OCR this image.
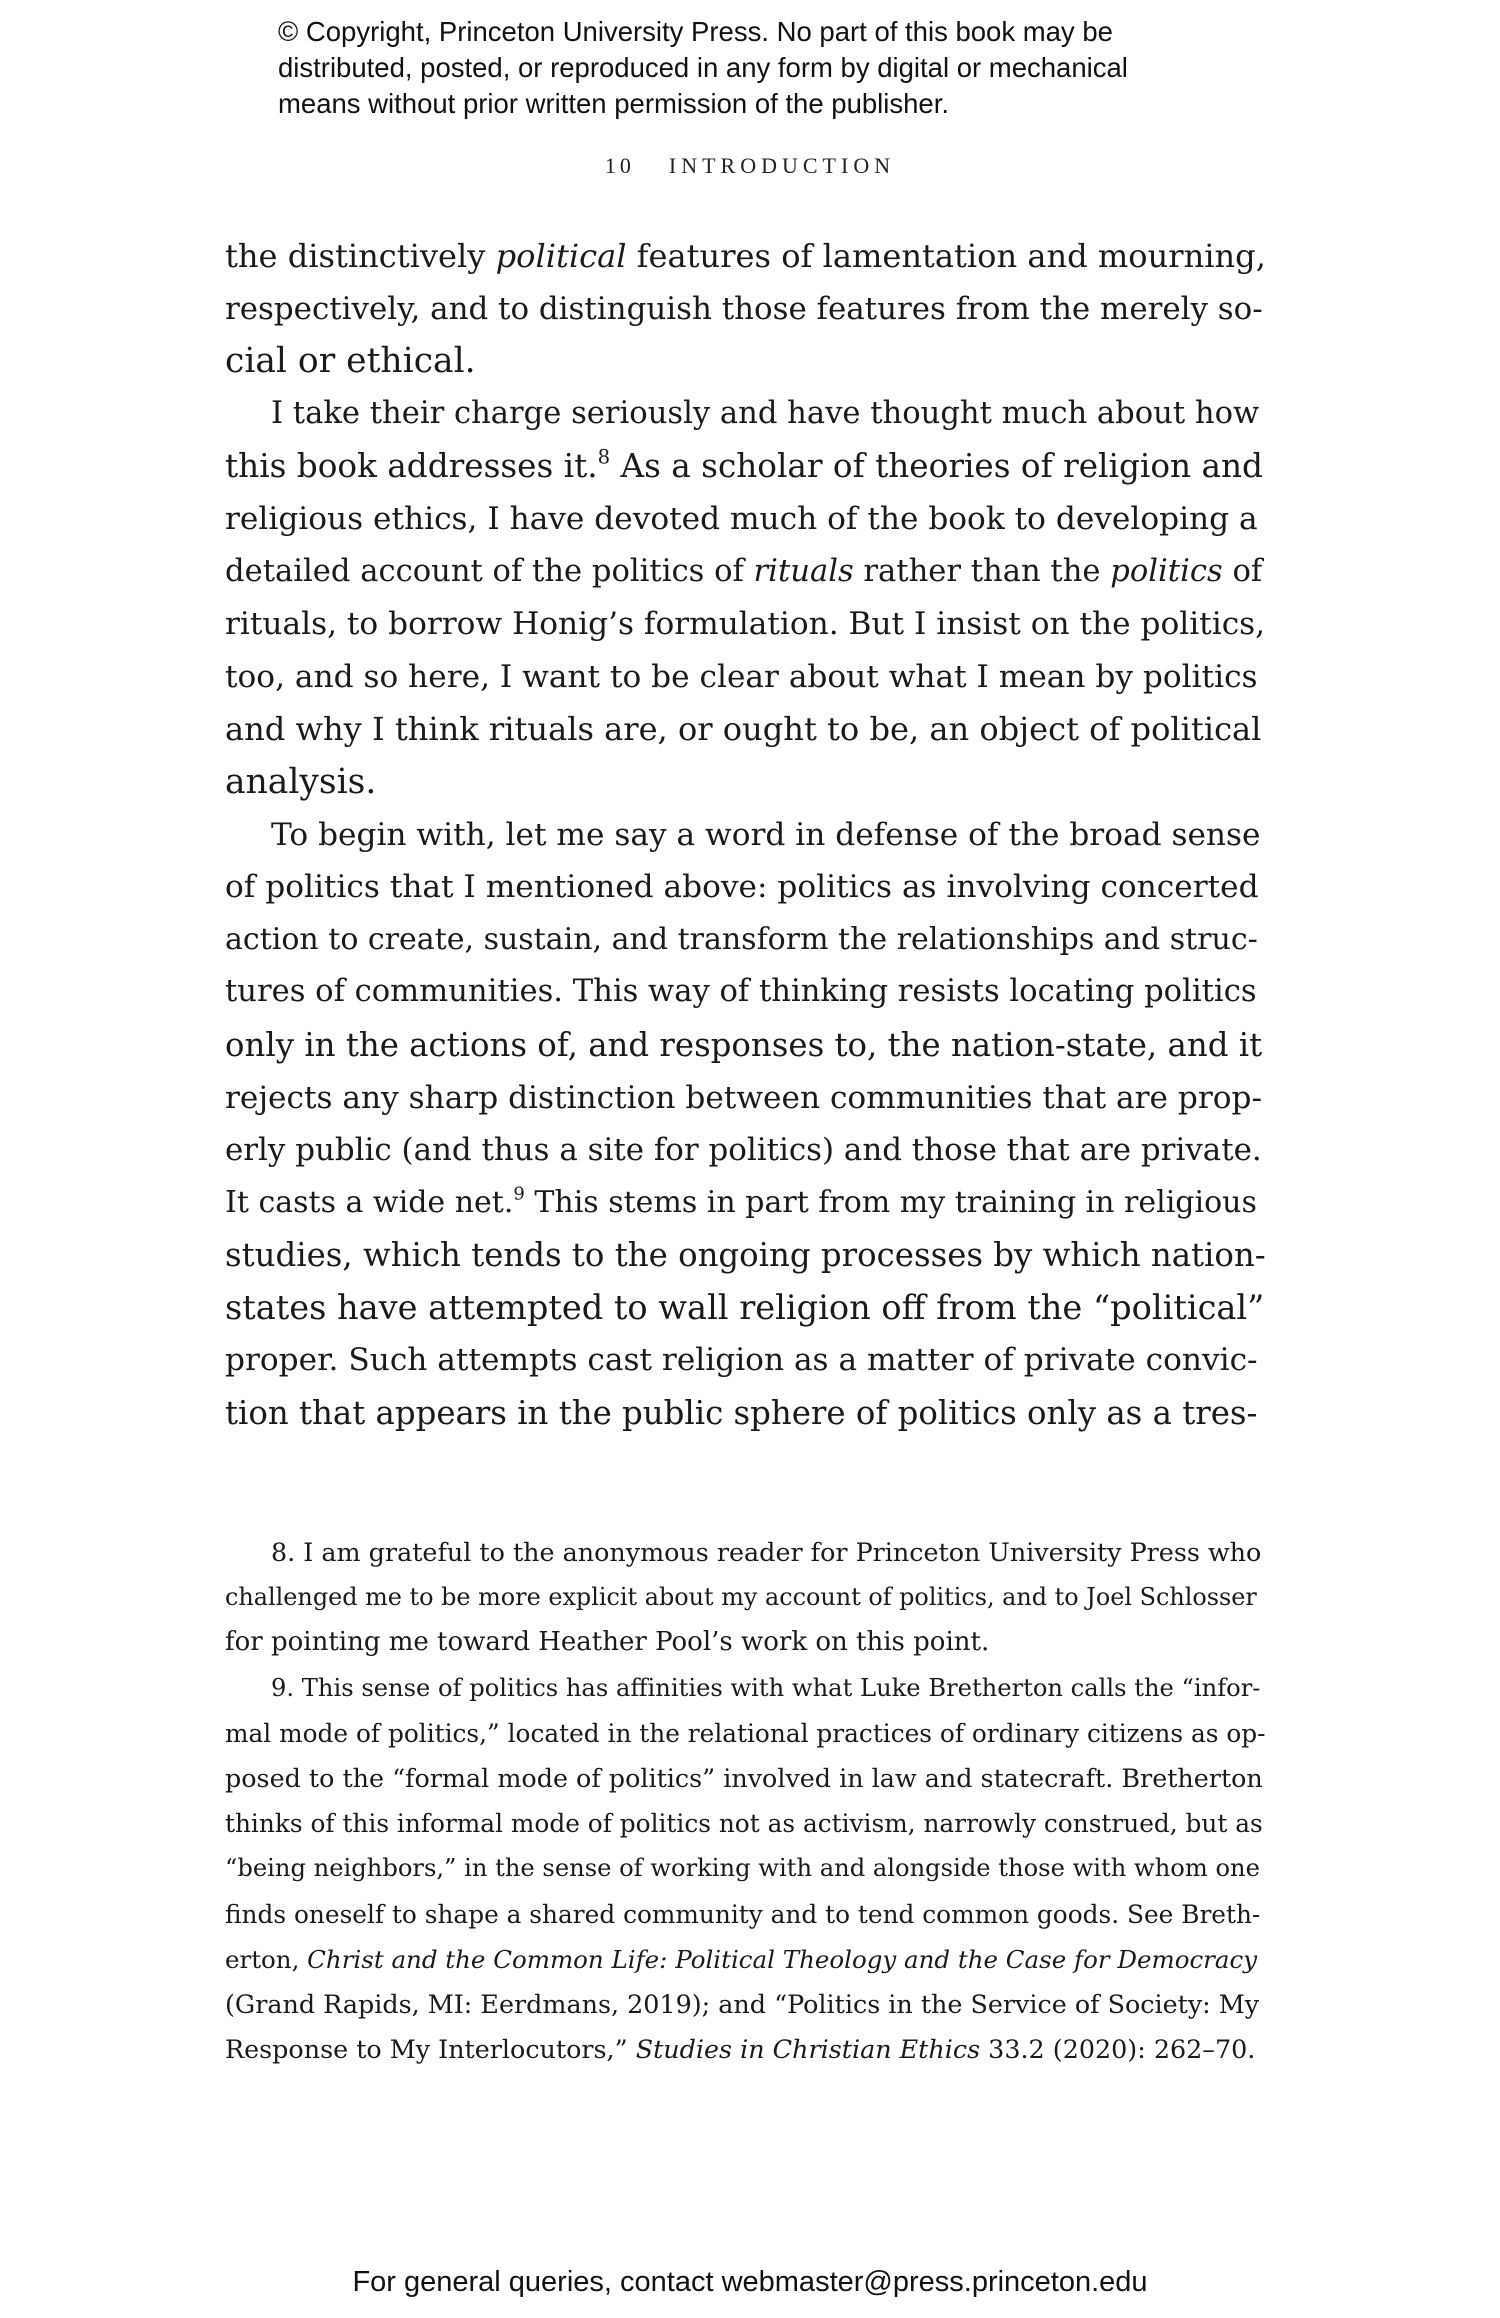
© Copyright, Princeton University Press. No part of this book may be
distributed, posted, or reproduced in any form by digital or mechanical
means without prior written permission of the publisher.
10 INTRODUCTION
the distinctively political features of lamentation and mourning,
respectively, and to distinguish those features from the merely so-
cial or ethical.
I take their charge seriously and have thought much about how
this book addresses it.$^8$ As a scholar of theories of religion and
religious ethics, I have devoted much of the book to developing a
detailed account of the politics of rituals rather than the politics of
rituals, to borrow Honig’s formulation. But I insist on the politics,
too, and so here, I want to be clear about what I mean by politics
and why I think rituals are, or ought to be, an object of political
analysis.
To begin with, let me say a word in defense of the broad sense
of politics that I mentioned above: politics as involving concerted
action to create, sustain, and transform the relationships and struc-
tures of communities. This way of thinking resists locating politics
only in the actions of, and responses to, the nation-state, and it
rejects any sharp distinction between communities that are prop-
erly public (and thus a site for politics) and those that are private.
It casts a wide net.$^9$ This stems in part from my training in religious
studies, which tends to the ongoing processes by which nation-
states have attempted to wall religion off from the “political”
proper. Such attempts cast religion as a matter of private convic-
tion that appears in the public sphere of politics only as a tres-
8. I am grateful to the anonymous reader for Princeton University Press who
challenged me to be more explicit about my account of politics, and to Joel Schlosser
for pointing me toward Heather Pool’s work on this point.
9. This sense of politics has affinities with what Luke Bretherton calls the “infor-
mal mode of politics,” located in the relational practices of ordinary citizens as op-
posed to the “formal mode of politics” involved in law and statecraft. Bretherton
thinks of this informal mode of politics not as activism, narrowly construed, but as
“being neighbors,” in the sense of working with and alongside those with whom one
finds oneself to shape a shared community and to tend common goods. See Breth-
erton, Christ and the Common Life: Political Theology and the Case for Democracy
(Grand Rapids, MI: Eerdmans, 2019); and “Politics in the Service of Society: My
Response to My Interlocutors,” Studies in Christian Ethics 33.2 (2020): 262–70.
For general queries, contact webmaster@press.princeton.edu
